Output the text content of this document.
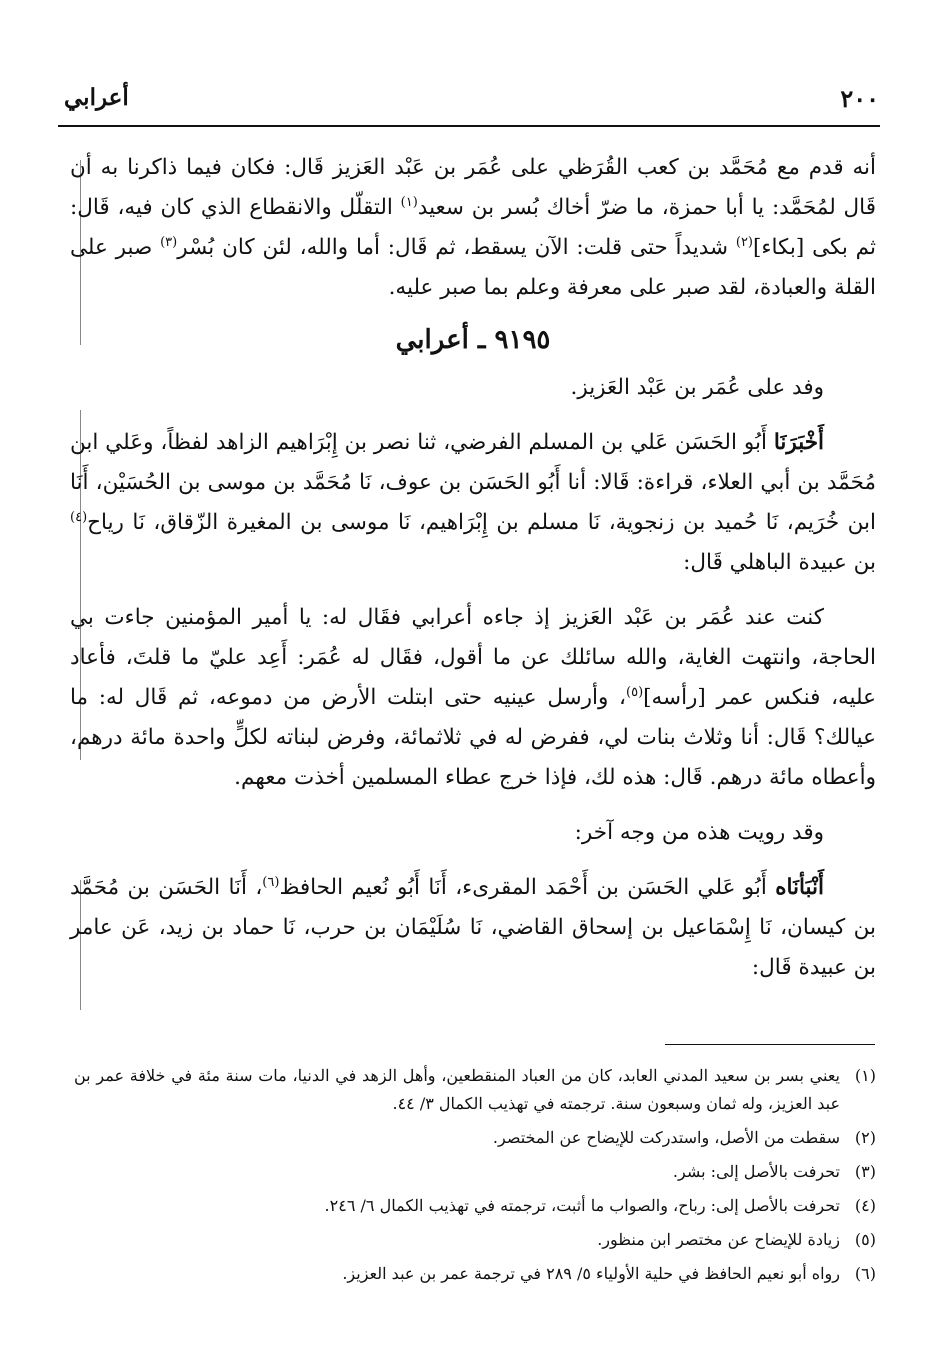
٢٠٠
أعرابي

أنه قدم مع مُحَمَّد بن كعب القُرَظي على عُمَر بن عَبْد العَزيز قَال: فكان فيما ذاكرنا به أن قَال لمُحَمَّد: يا أبا حمزة، ما ضرّ أخاك بُسر بن سعيد$^{(١)}$ التقلّل والانقطاع الذي كان فيه، قَال: ثم بكى [بكاء]$^{(٢)}$ شديداً حتى قلت: الآن يسقط، ثم قَال: أما والله، لئن كان بُسْر$^{(٣)}$ صبر على القلة والعبادة، لقد صبر على معرفة وعلم بما صبر عليه.

٩١٩٥ ـ أعرابي

وفد على عُمَر بن عَبْد العَزيز.

أَخْبَرَنَا أَبُو الحَسَن عَلي بن المسلم الفرضي، ثنا نصر بن إِبْرَاهيم الزاهد لفظاً، وعَلي ابن مُحَمَّد بن أبي العلاء، قراءة: قَالا: أنا أَبُو الحَسَن بن عوف، نَا مُحَمَّد بن موسى بن الحُسَيْن، أَنَا ابن خُرَيم، نَا حُميد بن زنجوية، نَا مسلم بن إِبْرَاهيم، نَا موسى بن المغيرة الزّقاق، نَا رياح$^{(٤)}$ بن عبيدة الباهلي قَال:

كنت عند عُمَر بن عَبْد العَزيز إذ جاءه أعرابي فقَال له: يا أمير المؤمنين جاءت بي الحاجة، وانتهت الغاية، والله سائلك عن ما أقول، فقَال له عُمَر: أَعِد عليّ ما قلتَ، فأعاد عليه، فنكس عمر [رأسه]$^{(٥)}$، وأرسل عينيه حتى ابتلت الأرض من دموعه، ثم قَال له: ما عيالك؟ قَال: أنا وثلاث بنات لي، ففرض له في ثلاثمائة، وفرض لبناته لكلٍّ واحدة مائة درهم، وأعطاه مائة درهم. قَال: هذه لك، فإذا خرج عطاء المسلمين أخذت معهم.

وقد رويت هذه من وجه آخر:

أَنْبَأنَاه أَبُو عَلي الحَسَن بن أَحْمَد المقرىء، أَنَا أَبُو نُعيم الحافظ$^{(٦)}$، أَنَا الحَسَن بن مُحَمَّد بن كيسان، نَا إِسْمَاعيل بن إسحاق القاضي، نَا سُلَيْمَان بن حرب، نَا حماد بن زيد، عَن عامر بن عبيدة قَال:

(١)
يعني بسر بن سعيد المدني العابد، كان من العباد المنقطعين، وأهل الزهد في الدنيا، مات سنة مئة في خلافة عمر بن عبد العزيز، وله ثمان وسبعون سنة. ترجمته في تهذيب الكمال ٣/ ٤٤.
(٢)
سقطت من الأصل، واستدركت للإيضاح عن المختصر.
(٣)
تحرفت بالأصل إلى: بشر.
(٤)
تحرفت بالأصل إلى: رباح، والصواب ما أثبت، ترجمته في تهذيب الكمال ٦/ ٢٤٦.
(٥)
زيادة للإيضاح عن مختصر ابن منظور.
(٦)
رواه أبو نعيم الحافظ في حلية الأولياء ٥/ ٢٨٩ في ترجمة عمر بن عبد العزيز.
